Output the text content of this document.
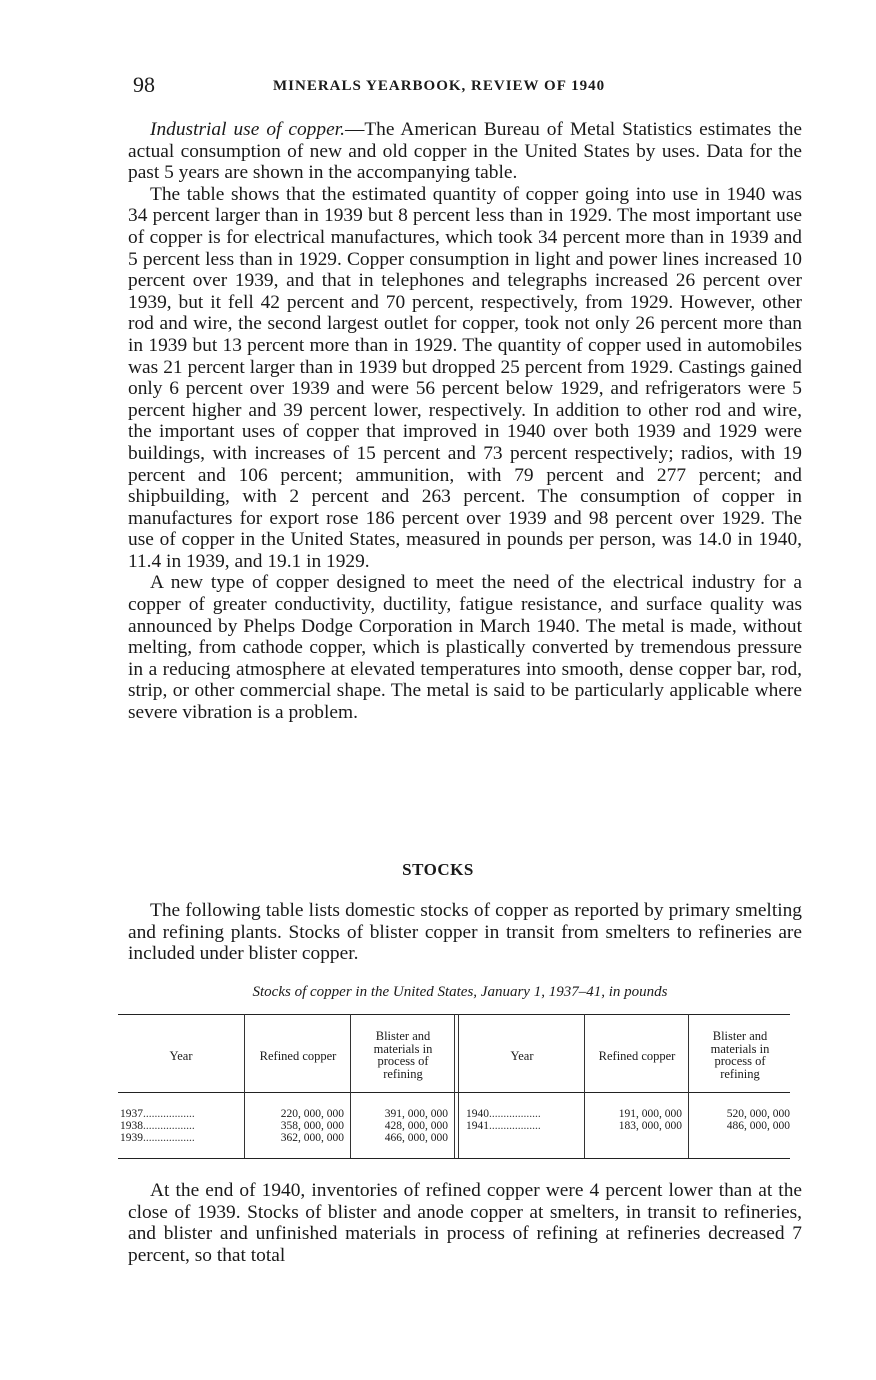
98	MINERALS YEARBOOK, REVIEW OF 1940

Industrial use of copper.—The American Bureau of Metal Statistics estimates the actual consumption of new and old copper in the United States by uses. Data for the past 5 years are shown in the accompanying table.

The table shows that the estimated quantity of copper going into use in 1940 was 34 percent larger than in 1939 but 8 percent less than in 1929. The most important use of copper is for electrical manufactures, which took 34 percent more than in 1939 and 5 percent less than in 1929. Copper consumption in light and power lines increased 10 percent over 1939, and that in telephones and telegraphs increased 26 percent over 1939, but it fell 42 percent and 70 percent, respectively, from 1929. However, other rod and wire, the second largest outlet for copper, took not only 26 percent more than in 1939 but 13 percent more than in 1929. The quantity of copper used in automobiles was 21 percent larger than in 1939 but dropped 25 percent from 1929. Castings gained only 6 percent over 1939 and were 56 percent below 1929, and refrigerators were 5 percent higher and 39 percent lower, respectively. In addition to other rod and wire, the important uses of copper that improved in 1940 over both 1939 and 1929 were buildings, with increases of 15 percent and 73 percent respectively; radios, with 19 percent and 106 percent; ammunition, with 79 percent and 277 percent; and shipbuilding, with 2 percent and 263 percent. The consumption of copper in manufactures for export rose 186 percent over 1939 and 98 percent over 1929. The use of copper in the United States, measured in pounds per person, was 14.0 in 1940, 11.4 in 1939, and 19.1 in 1929.

A new type of copper designed to meet the need of the electrical industry for a copper of greater conductivity, ductility, fatigue resistance, and surface quality was announced by Phelps Dodge Corporation in March 1940. The metal is made, without melting, from cathode copper, which is plastically converted by tremendous pressure in a reducing atmosphere at elevated temperatures into smooth, dense copper bar, rod, strip, or other commercial shape. The metal is said to be particularly applicable where severe vibration is a problem.

STOCKS

The following table lists domestic stocks of copper as reported by primary smelting and refining plants. Stocks of blister copper in transit from smelters to refineries are included under blister copper.

Stocks of copper in the United States, January 1, 1937–41, in pounds
Year	Refined copper
Blister and
materials in
process of
refining
Year	Refined copper
Blister and
materials in
process of
refining
1937..................	220, 000, 000	391, 000, 000
1938..................	358, 000, 000	428, 000, 000
1939..................	362, 000, 000	466, 000, 000
1940..................	191, 000, 000	520, 000, 000
1941..................	183, 000, 000	486, 000, 000

At the end of 1940, inventories of refined copper were 4 percent lower than at the close of 1939. Stocks of blister and anode copper at smelters, in transit to refineries, and blister and unfinished materials in process of refining at refineries decreased 7 percent, so that total
